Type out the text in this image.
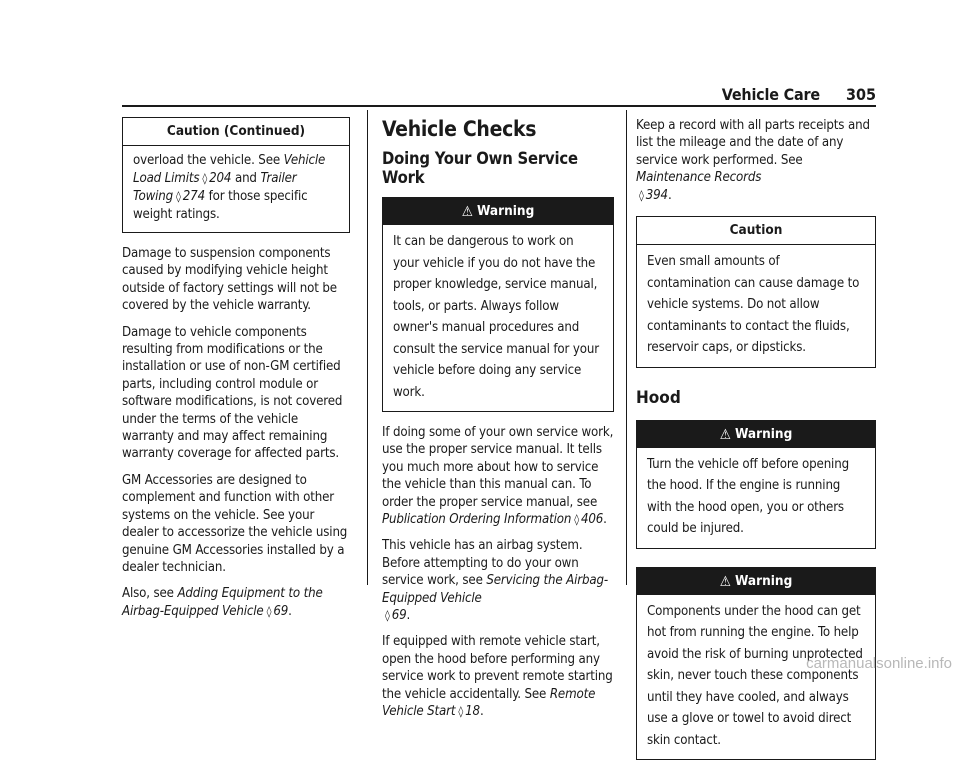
Vehicle Care 305
Caution (Continued)
overload the vehicle. See Vehicle Load Limits ◊ 204 and Trailer Towing ◊ 274 for those specific weight ratings.

Damage to suspension components caused by modifying vehicle height outside of factory settings will not be covered by the vehicle warranty.

Damage to vehicle components resulting from modifications or the installation or use of non-GM certified parts, including control module or software modifications, is not covered under the terms of the vehicle warranty and may affect remaining warranty coverage for affected parts.

GM Accessories are designed to complement and function with other systems on the vehicle. See your dealer to accessorize the vehicle using genuine GM Accessories installed by a dealer technician.

Also, see Adding Equipment to the Airbag-Equipped Vehicle ◊ 69.

Vehicle Checks
Doing Your Own Service Work
⚠ Warning
It can be dangerous to work on your vehicle if you do not have the proper knowledge, service manual, tools, or parts. Always follow owner's manual procedures and consult the service manual for your vehicle before doing any service work.

If doing some of your own service work, use the proper service manual. It tells you much more about how to service the vehicle than this manual can. To order the proper service manual, see Publication Ordering Information ◊ 406.

This vehicle has an airbag system. Before attempting to do your own service work, see Servicing the Airbag-Equipped Vehicle
◊ 69.

If equipped with remote vehicle start, open the hood before performing any service work to prevent remote starting the vehicle accidentally. See Remote Vehicle Start ◊ 18.

Keep a record with all parts receipts and list the mileage and the date of any service work performed. See Maintenance Records
◊ 394.

Caution
Even small amounts of contamination can cause damage to vehicle systems. Do not allow contaminants to contact the fluids, reservoir caps, or dipsticks.
Hood
⚠ Warning
Turn the vehicle off before opening the hood. If the engine is running with the hood open, you or others could be injured.
⚠ Warning
Components under the hood can get hot from running the engine. To help avoid the risk of burning unprotected skin, never touch these components until they have cooled, and always use a glove or towel to avoid direct skin contact.
carmanualsonline.info
